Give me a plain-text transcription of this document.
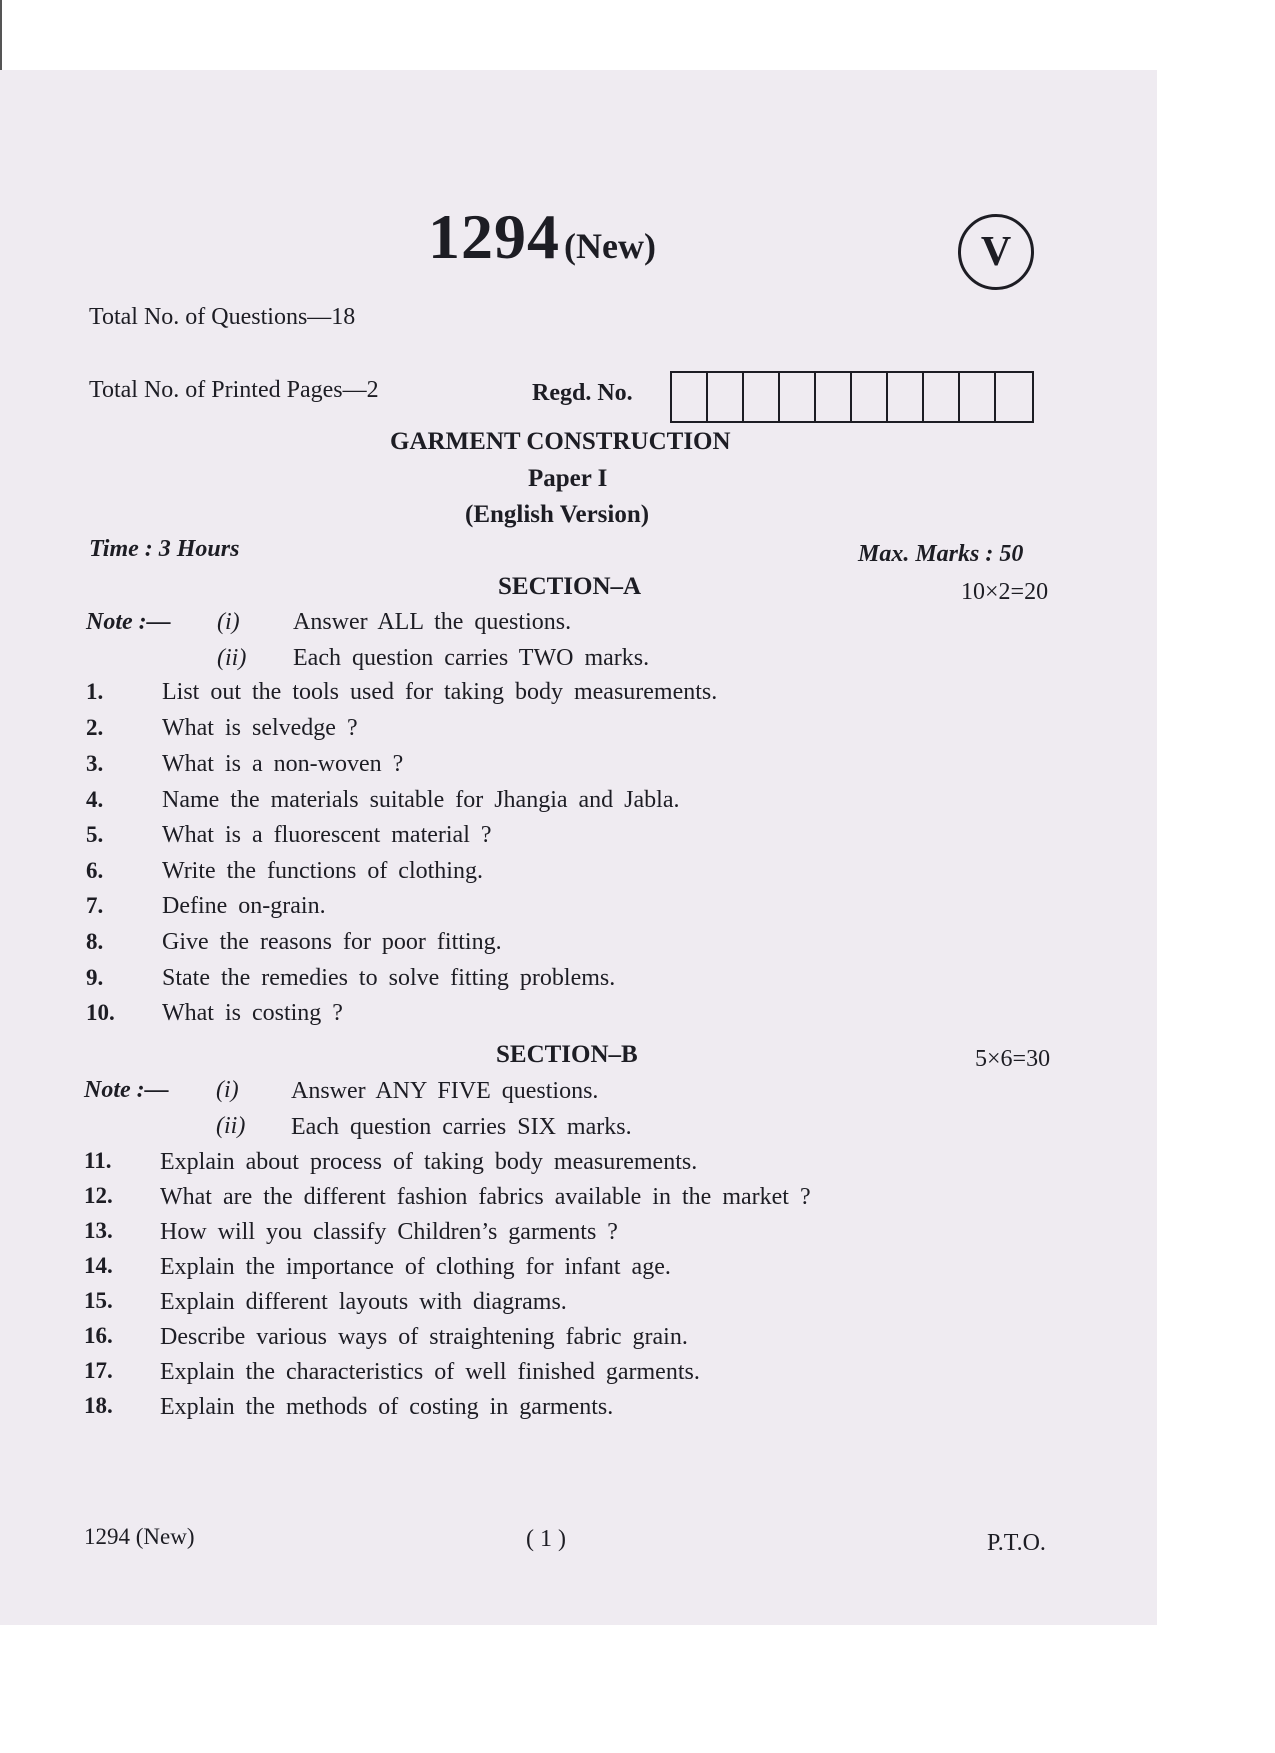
1294 (New)	V
Total No. of Questions—18
Total No. of Printed Pages—2	Regd. No.
GARMENT CONSTRUCTION
Paper I
(English Version)
Time : 3 Hours	Max. Marks : 50
SECTION–A	10×2=20
Note :— (i) Answer ALL the questions.
(ii) Each question carries TWO marks.
1. List out the tools used for taking body measurements.
2. What is selvedge ?
3. What is a non-woven ?
4. Name the materials suitable for Jhangia and Jabla.
5. What is a fluorescent material ?
6. Write the functions of clothing.
7. Define on-grain.
8. Give the reasons for poor fitting.
9. State the remedies to solve fitting problems.
10. What is costing ?
SECTION–B	5×6=30
Note :— (i) Answer ANY FIVE questions.
(ii) Each question carries SIX marks.
11. Explain about process of taking body measurements.
12. What are the different fashion fabrics available in the market ?
13. How will you classify Children’s garments ?
14. Explain the importance of clothing for infant age.
15. Explain different layouts with diagrams.
16. Describe various ways of straightening fabric grain.
17. Explain the characteristics of well finished garments.
18. Explain the methods of costing in garments.
1294 (New)	( 1 )	P.T.O.
